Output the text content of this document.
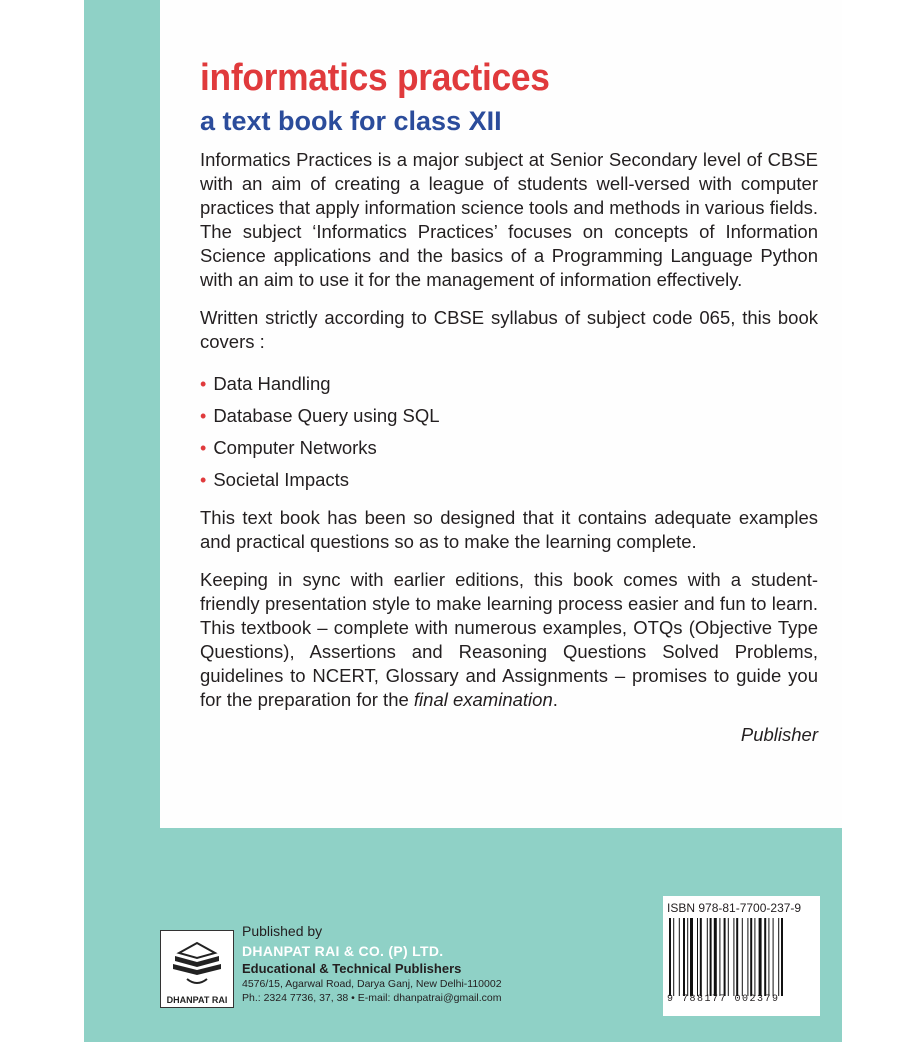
informatics practices
a text book for class XII

Informatics Practices is a major subject at Senior Secondary level of CBSE with an aim of creating a league of students well-versed with computer practices that apply information science tools and methods in various fields. The subject ‘Informatics Practices’ focuses on concepts of Information Science applications and the basics of a Programming Language Python with an aim to use it for the management of information effectively.

Written strictly according to CBSE syllabus of subject code 065, this book covers :

• Data Handling
• Database Query using SQL
• Computer Networks
• Societal Impacts

This text book has been so designed that it contains adequate examples and practical questions so as to make the learning complete.

Keeping in sync with earlier editions, this book comes with a student-friendly presentation style to make learning process easier and fun to learn. This textbook – complete with numerous examples, OTQs (Objective Type Questions), Assertions and Reasoning Questions Solved Problems, guidelines to NCERT, Glossary and Assignments – promises to guide you for the preparation for the final examination.

Publisher

DHANPAT RAI
Published by
DHANPAT RAI & CO. (P) LTD.
Educational & Technical Publishers
4576/15, Agarwal Road, Darya Ganj, New Delhi-110002
Ph.: 2324 7736, 37, 38 • E-mail: dhanpatrai@gmail.com
ISBN 978-81-7700-237-9
9 788177 002379
